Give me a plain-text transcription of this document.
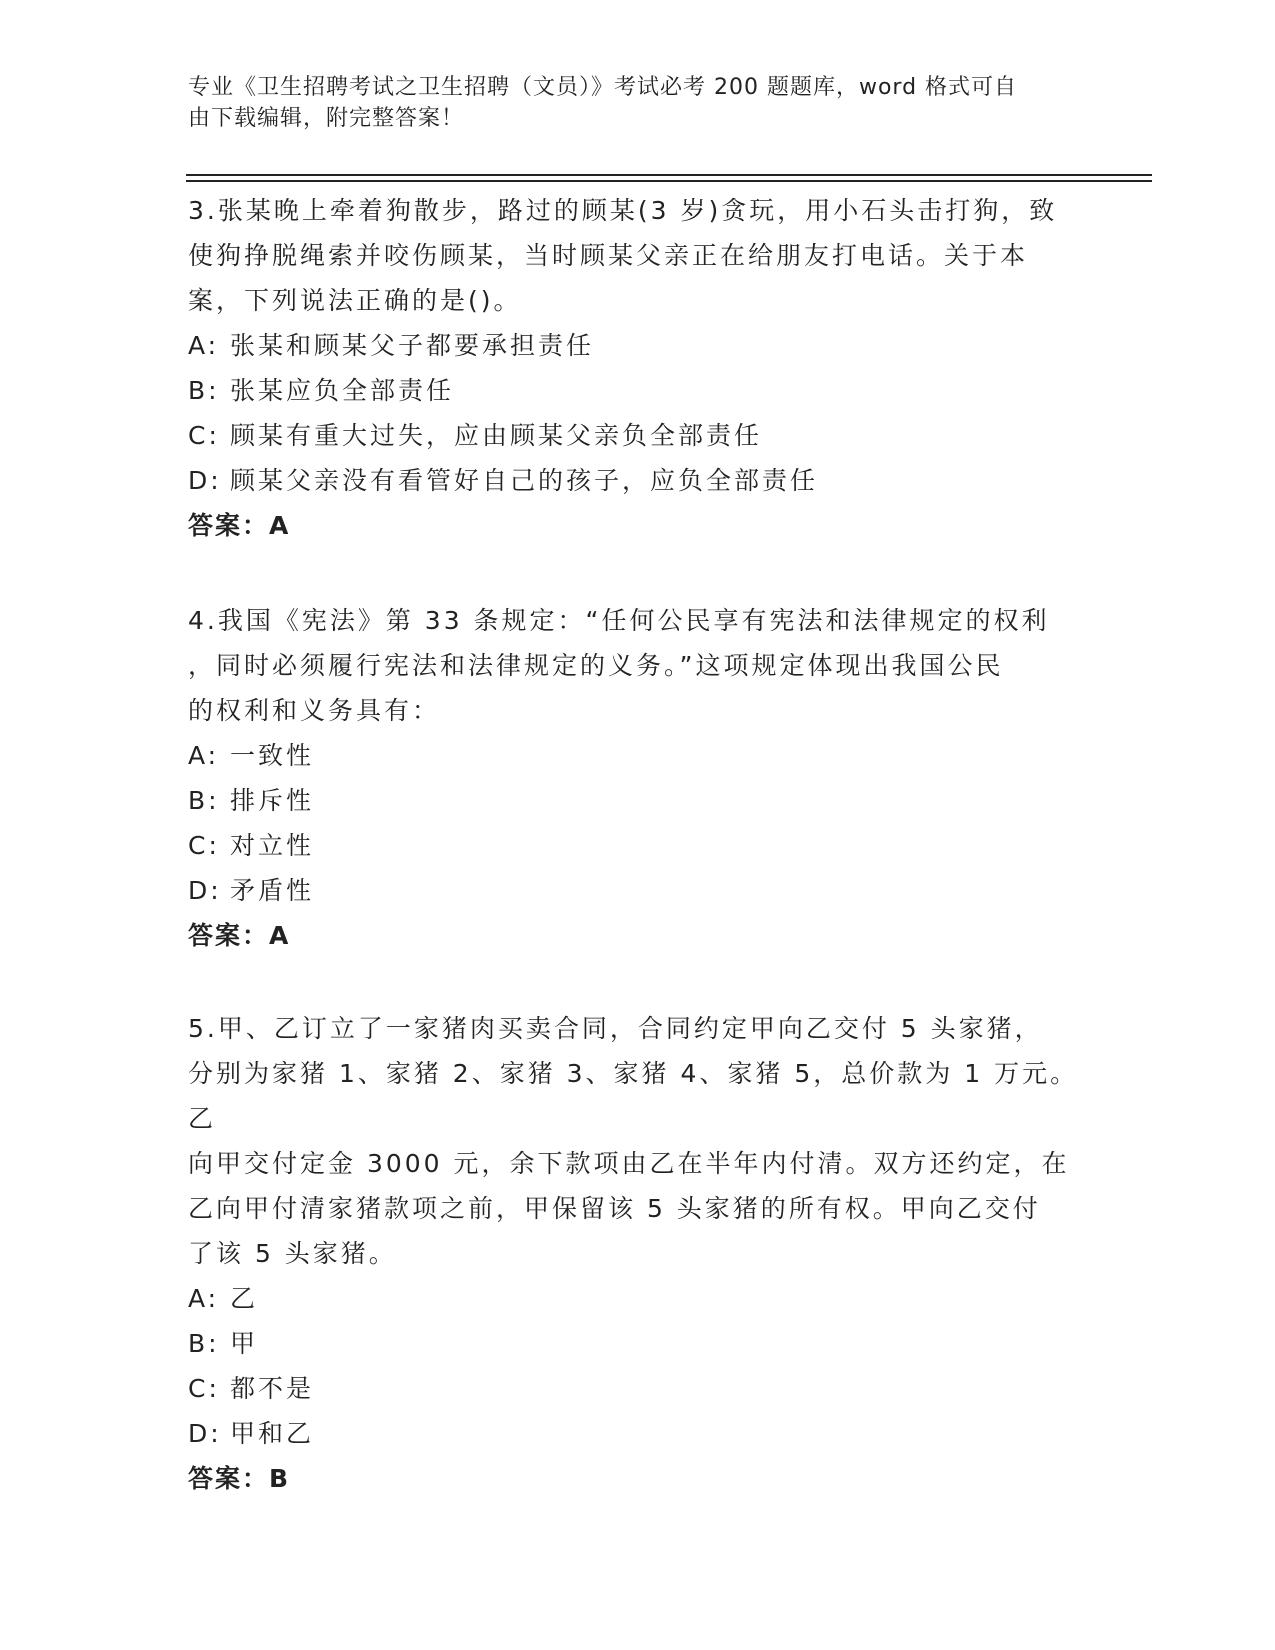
专业《卫生招聘考试之卫生招聘（文员）》考试必考 200 题题库，word 格式可自
由下载编辑，附完整答案！

3.张某晚上牵着狗散步，路过的顾某(3 岁)贪玩，用小石头击打狗，致

使狗挣脱绳索并咬伤顾某，当时顾某父亲正在给朋友打电话。关于本

案，下列说法正确的是()。

A: 张某和顾某父子都要承担责任

B: 张某应负全部责任

C: 顾某有重大过失，应由顾某父亲负全部责任

D: 顾某父亲没有看管好自己的孩子，应负全部责任

答案：A

4.我国《宪法》第 33 条规定：“任何公民享有宪法和法律规定的权利

，同时必须履行宪法和法律规定的义务。”这项规定体现出我国公民

的权利和义务具有：

A: 一致性

B: 排斥性

C: 对立性

D: 矛盾性

答案：A

5.甲、乙订立了一家猪肉买卖合同，合同约定甲向乙交付 5 头家猪，

分别为家猪 1、家猪 2、家猪 3、家猪 4、家猪 5，总价款为 1 万元。乙

向甲交付定金 3000 元，余下款项由乙在半年内付清。双方还约定，在

乙向甲付清家猪款项之前，甲保留该 5 头家猪的所有权。甲向乙交付

了该 5 头家猪。

A: 乙

B: 甲

C: 都不是

D: 甲和乙

答案：B
